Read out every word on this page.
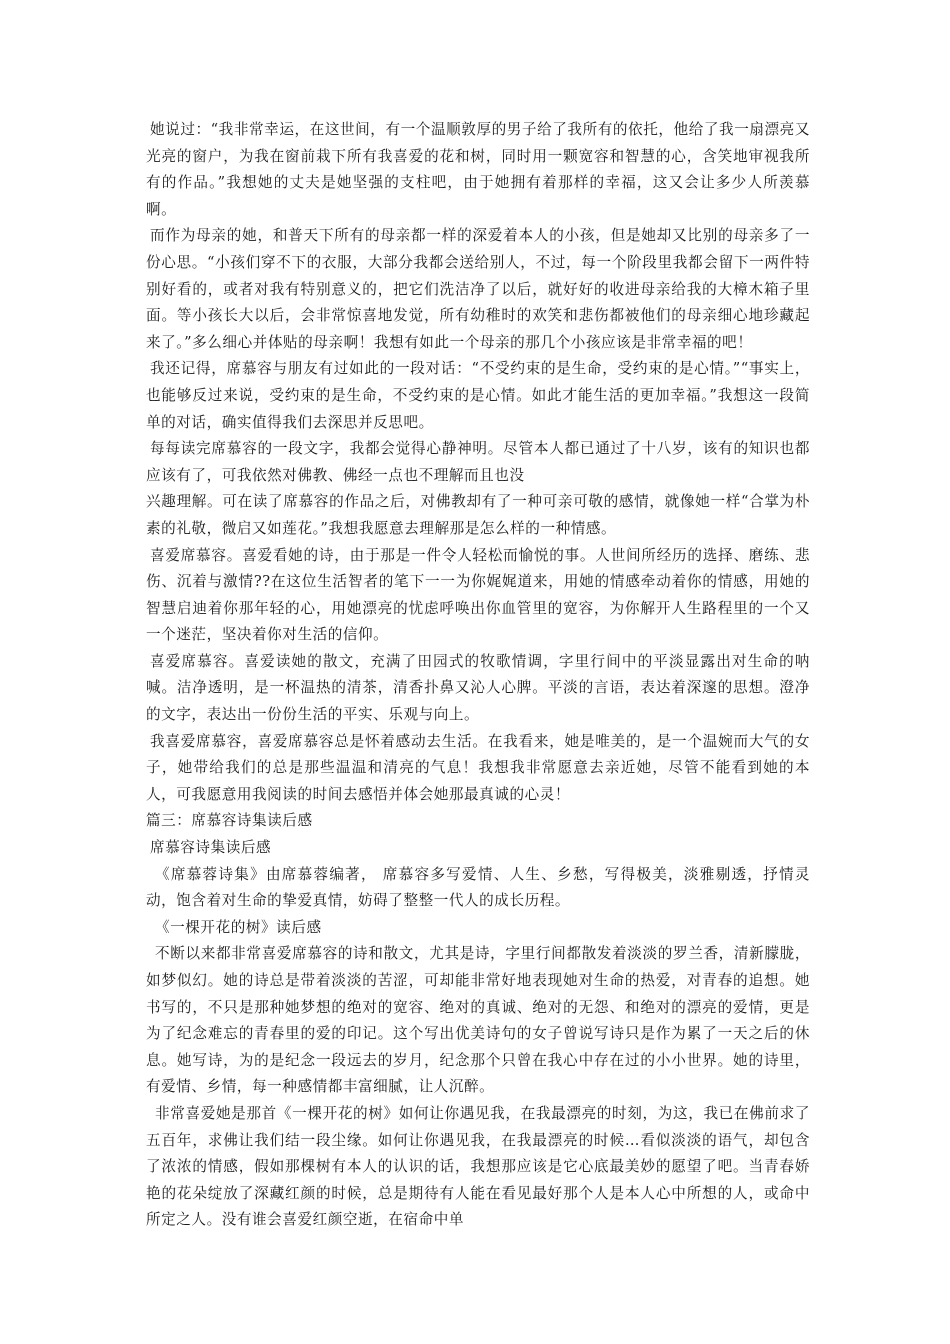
她说过：“我非常幸运，在这世间，有一个温顺敦厚的男子给了我所有的依托，他给了我一扇漂亮又光亮的窗户，为我在窗前栽下所有我喜爱的花和树，同时用一颗宽容和智慧的心，含笑地审视我所有的作品。”我想她的丈夫是她坚强的支柱吧，由于她拥有着那样的幸福，这又会让多少人所羡慕啊。

而作为母亲的她，和普天下所有的母亲都一样的深爱着本人的小孩，但是她却又比别的母亲多了一份心思。“小孩们穿不下的衣服，大部分我都会送给别人，不过，每一个阶段里我都会留下一两件特别好看的，或者对我有特别意义的，把它们洗洁净了以后，就好好的收进母亲给我的大樟木箱子里面。等小孩长大以后，会非常惊喜地发觉，所有幼稚时的欢笑和悲伤都被他们的母亲细心地珍藏起来了。”多么细心并体贴的母亲啊！我想有如此一个母亲的那几个小孩应该是非常幸福的吧！

我还记得，席慕容与朋友有过如此的一段对话：“不受约束的是生命，受约束的是心情。”“事实上，也能够反过来说，受约束的是生命，不受约束的是心情。如此才能生活的更加幸福。”我想这一段简单的对话，确实值得我们去深思并反思吧。

每每读完席慕容的一段文字，我都会觉得心静神明。尽管本人都已通过了十八岁，该有的知识也都应该有了，可我依然对佛教、佛经一点也不理解而且也没

兴趣理解。可在读了席慕容的作品之后，对佛教却有了一种可亲可敬的感情，就像她一样“合掌为朴素的礼敬，微启又如莲花。”我想我愿意去理解那是怎么样的一种情感。

喜爱席慕容。喜爱看她的诗，由于那是一件令人轻松而愉悦的事。人世间所经历的选择、磨练、悲伤、沉着与激情??在这位生活智者的笔下一一为你娓娓道来，用她的情感牵动着你的情感，用她的智慧启迪着你那年轻的心，用她漂亮的忧虑呼唤出你血管里的宽容，为你解开人生路程里的一个又一个迷茫，坚决着你对生活的信仰。

喜爱席慕容。喜爱读她的散文，充满了田园式的牧歌情调，字里行间中的平淡显露出对生命的呐喊。洁净透明，是一杯温热的清茶，清香扑鼻又沁人心脾。平淡的言语，表达着深邃的思想。澄净的文字，表达出一份份生活的平实、乐观与向上。

我喜爱席慕容，喜爱席慕容总是怀着感动去生活。在我看来，她是唯美的，是一个温婉而大气的女子，她带给我们的总是那些温温和清亮的气息！我想我非常愿意去亲近她，尽管不能看到她的本人，可我愿意用我阅读的时间去感悟并体会她那最真诚的心灵！

篇三：席慕容诗集读后感

席慕容诗集读后感

《席慕蓉诗集》由席慕蓉编著， 席慕容多写爱情、人生、乡愁，写得极美，淡雅剔透，抒情灵动，饱含着对生命的挚爱真情，妨碍了整整一代人的成长历程。

《一棵开花的树》读后感

不断以来都非常喜爱席慕容的诗和散文，尤其是诗，字里行间都散发着淡淡的罗兰香，清新朦胧，如梦似幻。她的诗总是带着淡淡的苦涩，可却能非常好地表现她对生命的热爱，对青春的追想。她书写的，不只是那种她梦想的绝对的宽容、绝对的真诚、绝对的无怨、和绝对的漂亮的爱情，更是为了纪念难忘的青春里的爱的印记。这个写出优美诗句的女子曾说写诗只是作为累了一天之后的休息。她写诗，为的是纪念一段远去的岁月，纪念那个只曾在我心中存在过的小小世界。她的诗里，有爱情、乡情，每一种感情都丰富细腻，让人沉醉。

非常喜爱她是那首《一棵开花的树》如何让你遇见我，在我最漂亮的时刻，为这，我已在佛前求了五百年，求佛让我们结一段尘缘。如何让你遇见我，在我最漂亮的时候…看似淡淡的语气，却包含了浓浓的情感，假如那棵树有本人的认识的话，我想那应该是它心底最美妙的愿望了吧。当青春娇艳的花朵绽放了深藏红颜的时候，总是期待有人能在看见最好那个人是本人心中所想的人，或命中所定之人。没有谁会喜爱红颜空逝，在宿命中单
